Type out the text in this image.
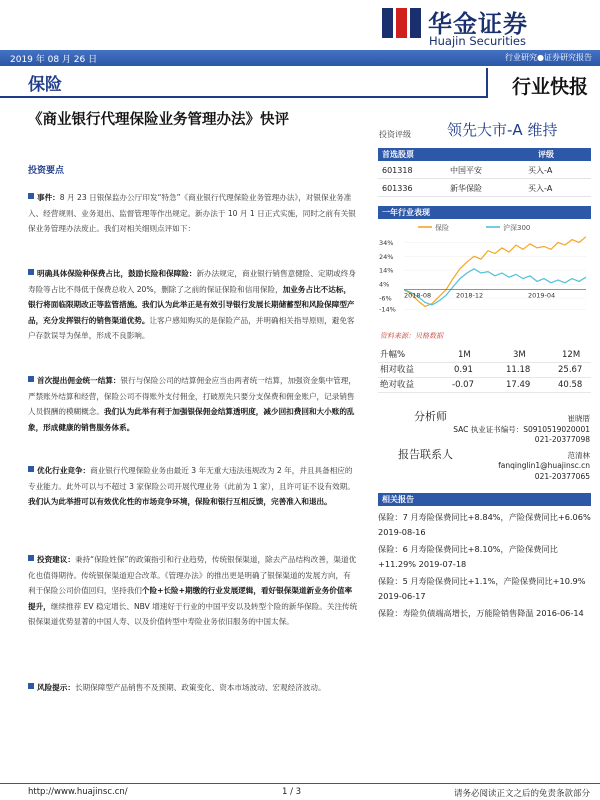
华金证券
Huajin Securities
2019 年 08 月 26 日	行业研究●证券研究报告
保险	行业快报
《商业银行代理保险业务管理办法》快评
投资评级 领先大市-A 维持
首选股票	评级
601318	中国平安	买入-A
601336	新华保险	买入-A
一年行业表现
保险	沪深300
34%
24%
14%
4%
-6%
-14%
2018-08	2018-12	2019-04
资料来源：贝格数据
升幅%	1M	3M	12M
相对收益	0.91	11.18	25.67
绝对收益	-0.07	17.49	40.58
分析师	崔晓厝
SAC 执业证书编号：S0910519020001
021-20377098
报告联系人	范清林
fanqinglin1@huajinsc.cn
021-20377065
相关报告
保险：7 月寿险保费同比+8.84%，产险保费同比+6.06% 2019-08-16
保险：6 月寿险保费同比+8.10%，产险保费同比+11.29% 2019-07-18
保险：5 月寿险保费同比+1.1%，产险保费同比+10.9% 2019-06-17
保险：寿险负债端高增长，万能险销售降温 2016-06-14
投资要点
事件：8 月 23 日银保监办公厅印发“特急”《商业银行代理保险业务管理办法》，对银保业务准入、经营规则、业务退出、监督管理等作出规定。新办法于 10 月 1 日正式实施，同时之前有关银保业务管理办法废止。我们对相关细则点评如下：
明确具体保险种保费占比，鼓励长险和保障险：新办法规定，商业银行销售意健险、定期或终身寿险等占比不得低于保费总收入 20%，删除了之前的保证保险和信用保险，加业务占比不达标，银行将面临限期改正等监管措施。我们认为此举正是有效引导银行发展长期储蓄型和风险保障型产品，充分发挥银行的销售渠道优势。让客户感知购买的是保险产品，并明确相关指导原则，避免客户存款误导为保单，形成不良影响。
首次提出佣金统一结算：银行与保险公司的结算佣金应当由两者统一结算，加强资金集中管理，严禁账外结算和经营，保险公司不得账外支付佣金，打破原先只要分支保费和佣金账户，记录销售人员假酬的模糊概念。我们认为此举有利于加强银保佣金结算透明度，减少回扣费回和大小账的乱象，形成健康的销售服务体系。
优化行业竞争：商业银行代理保险业务由最近 3 年无重大违法违规改为 2 年，并且具备相应的专业能力。此外可以与不超过 3 家保险公司开展代理业务（此前为 1 家），且许可证不设有效期。我们认为此举措可以有效优化性的市场竞争环境，保险和银行互相反馈，完善准入和退出。
投资建议：秉持“保险姓保”的政策指引和行业趋势，传统银保渠道，除去产品结构改善，渠道优化也值得期待。传统银保渠道迎合改革。《管理办法》的推出更是明确了银保渠道的发展方向，有利于保险公司价值回归，坚持我们个险+长险+期缴的行业发展逻辑，看好银保渠道新业务价值率提升，继续推荐 EV 稳定增长、NBV 增速好于行业的中国平安以及转型个险的新华保险。关注传统银保渠道优势显著的中国人寿、以及价值转型中寿险业务依旧服务的中国太保。
风险提示：长期保障型产品销售不及预期、政策变化、资本市场波动、宏观经济波动。
http://www.huajinsc.cn/	1 / 3	请务必阅读正文之后的免责条款部分
